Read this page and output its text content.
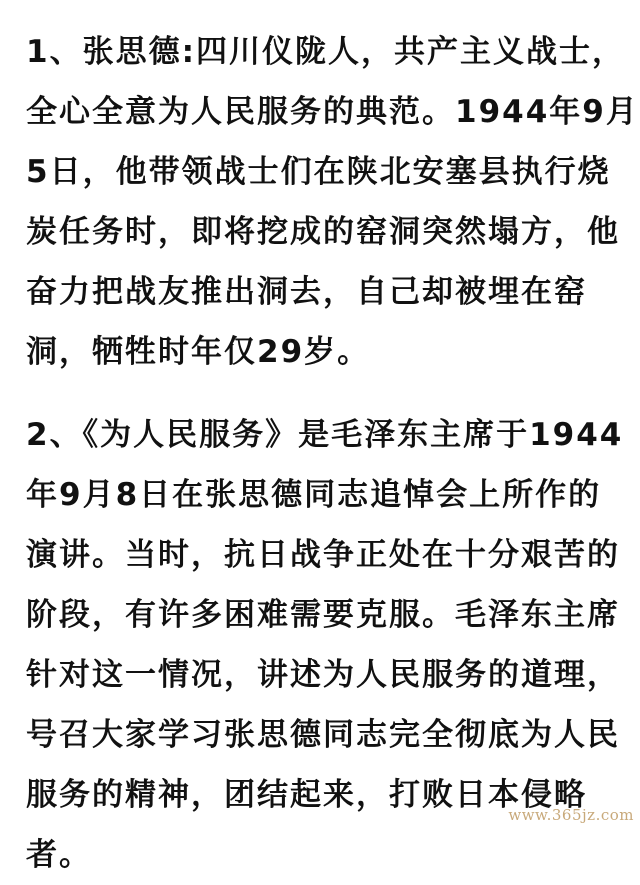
1、张思德:四川仪陇人，共产主义战士，
全心全意为人民服务的典范。1944年9月
5日，他带领战士们在陕北安塞县执行烧
炭任务时，即将挖成的窑洞突然塌方，他
奋力把战友推出洞去，自己却被埋在窑
洞，牺牲时年仅29岁。
2、《为人民服务》是毛泽东主席于1944
年9月8日在张思德同志追悼会上所作的
演讲。当时，抗日战争正处在十分艰苦的
阶段，有许多困难需要克服。毛泽东主席
针对这一情况，讲述为人民服务的道理，
号召大家学习张思德同志完全彻底为人民
服务的精神，团结起来，打败日本侵略
者。
www.365jz.com
